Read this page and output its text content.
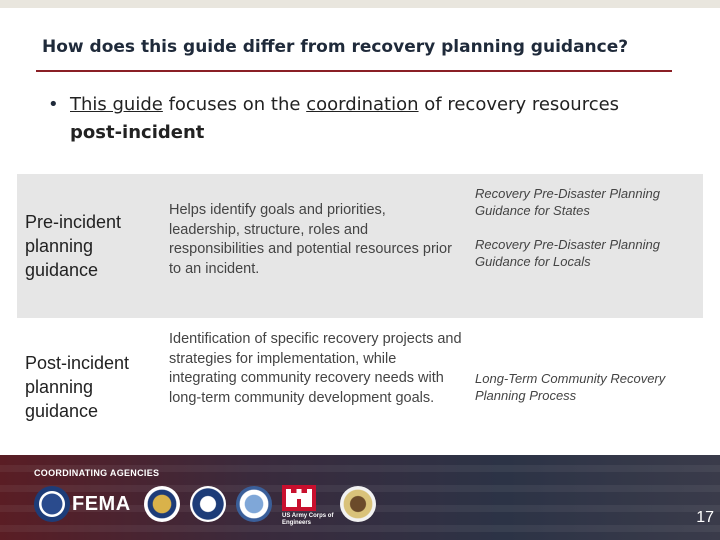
How does this guide differ from recovery planning guidance?
• This guide focuses on the coordination of recovery resources
post-incident
Pre-incident planning guidance
Helps identify goals and priorities, leadership, structure, roles and responsibilities and potential resources prior to an incident.
Recovery Pre-Disaster Planning Guidance for States
Recovery Pre-Disaster Planning Guidance for Locals
Post-incident planning guidance
Identification of specific recovery projects and strategies for implementation, while integrating community recovery needs with long-term community development goals.
Long-Term Community Recovery Planning Process
COORDINATING AGENCIES
FEMA
US Army Corps of Engineers	17
